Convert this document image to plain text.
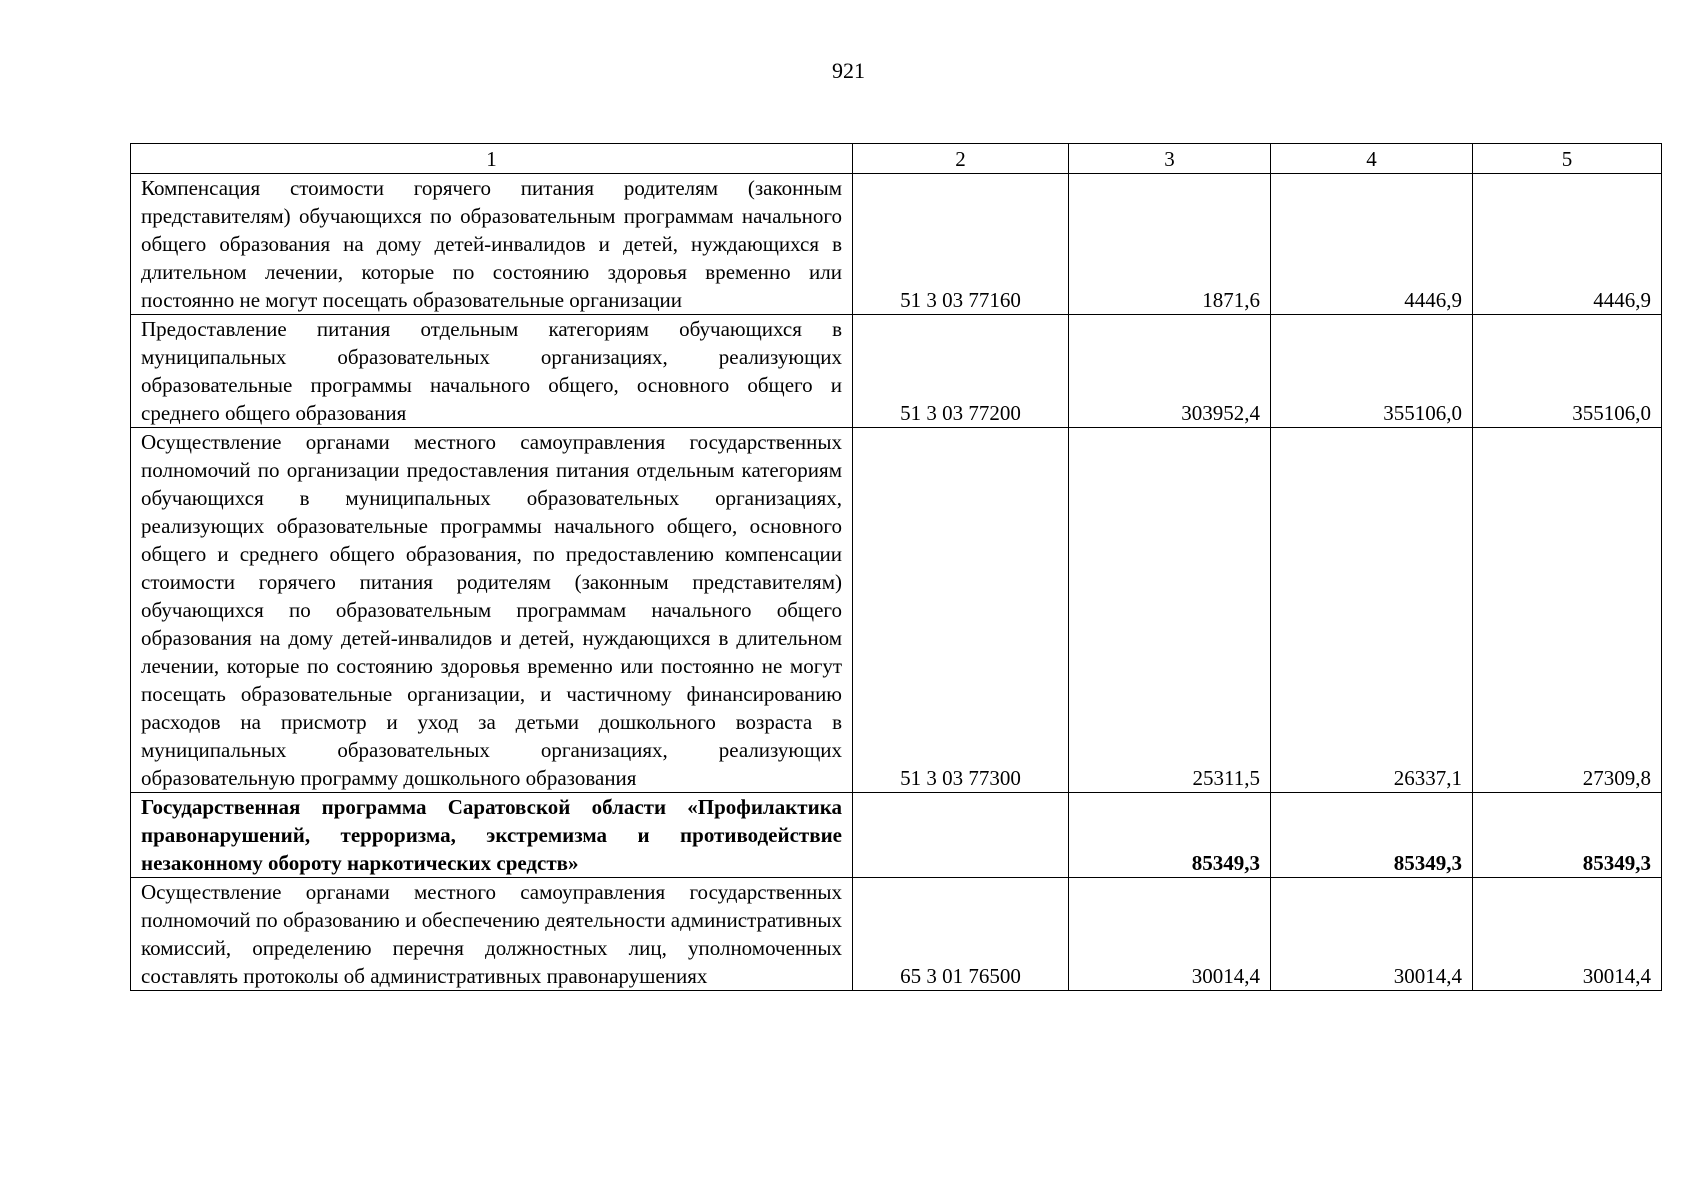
921
1	2	3	4	5
Компенсация стоимости горячего питания родителям (законным представителям) обучающихся по образовательным программам начального общего образования на дому детей-инвалидов и детей, нуждающихся в длительном лечении, которые по состоянию здоровья временно или постоянно не могут посещать образовательные организации	51 3 03 77160	1871,6	4446,9	4446,9
Предоставление питания отдельным категориям обучающихся в муниципальных образовательных организациях, реализующих образовательные программы начального общего, основного общего и среднего общего образования	51 3 03 77200	303952,4	355106,0	355106,0
Осуществление органами местного самоуправления государственных полномочий по организации предоставления питания отдельным категориям обучающихся в муниципальных образовательных организациях, реализующих образовательные программы начального общего, основного общего и среднего общего образования, по предоставлению компенсации стоимости горячего питания родителям (законным представителям) обучающихся по образовательным программам начального общего образования на дому детей-инвалидов и детей, нуждающихся в длительном лечении, которые по состоянию здоровья временно или постоянно не могут посещать образовательные организации, и частичному финансированию расходов на присмотр и уход за детьми дошкольного возраста в муниципальных образовательных организациях, реализующих образовательную программу дошкольного образования	51 3 03 77300	25311,5	26337,1	27309,8
Государственная программа Саратовской области «Профилактика правонарушений, терроризма, экстремизма и противодействие незаконному обороту наркотических средств»		85349,3	85349,3	85349,3
Осуществление органами местного самоуправления государственных полномочий по образованию и обеспечению деятельности административных комиссий, определению перечня должностных лиц, уполномоченных составлять протоколы об административных правонарушениях	65 3 01 76500	30014,4	30014,4	30014,4
